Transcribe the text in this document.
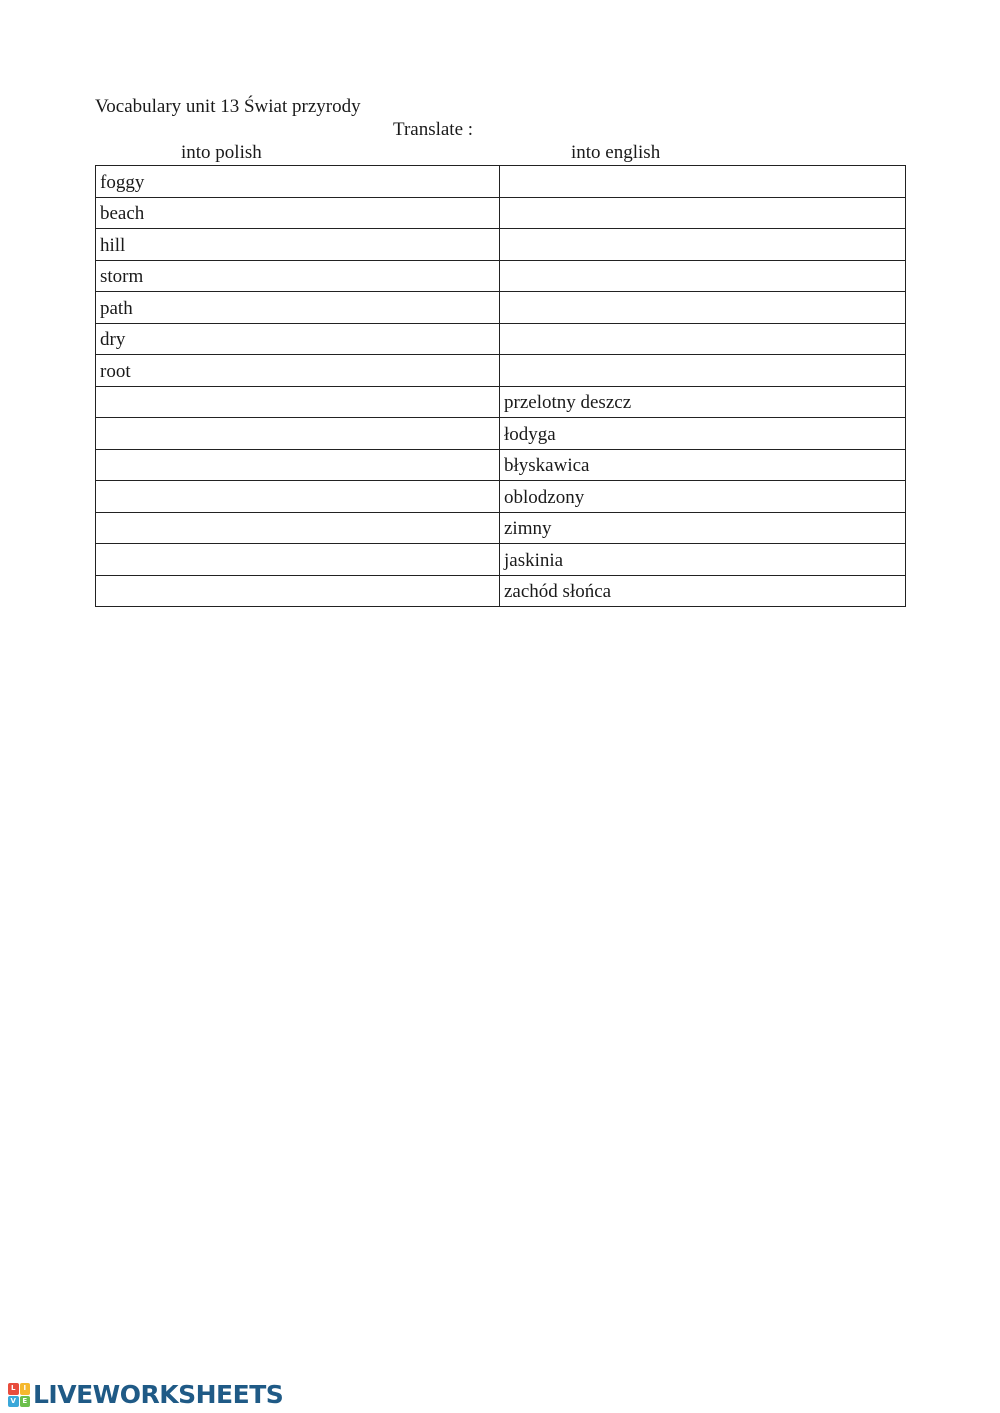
Vocabulary unit 13 Świat przyrody
Translate :
into polish	into english
foggy	
beach	
hill	
storm	
path	
dry	
root	
	przelotny deszcz
	łodyga
	błyskawica
	oblodzony
	zimny
	jaskinia
	zachód słońca
L	I
V E LIVEWORKSHEETS
